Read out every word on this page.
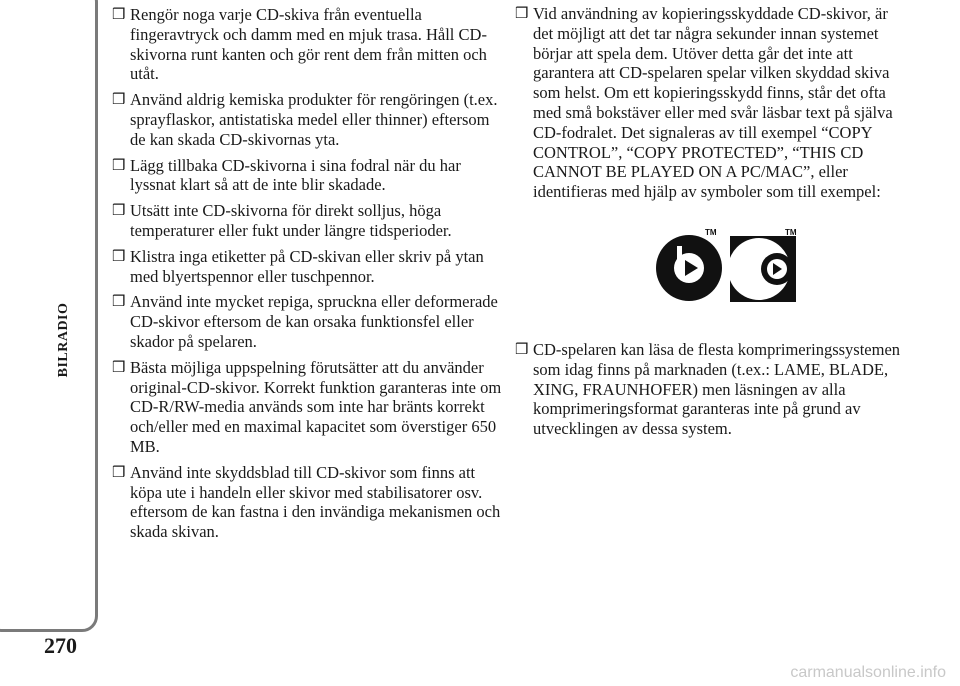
BILRADIO
270
❒ Rengör noga varje CD-skiva från eventuella fingeravtryck och damm med en mjuk trasa. Håll CD-skivorna runt kanten och gör rent dem från mitten och utåt.
❒ Använd aldrig kemiska produkter för rengöringen (t.ex. sprayflaskor, antistatiska medel eller thinner) eftersom de kan skada CD-skivornas yta.
❒ Lägg tillbaka CD-skivorna i sina fodral när du har lyssnat klart så att de inte blir skadade.
❒ Utsätt inte CD-skivorna för direkt solljus, höga temperaturer eller fukt under längre tidsperioder.
❒ Klistra inga etiketter på CD-skivan eller skriv på ytan med blyertspennor eller tuschpennor.
❒ Använd inte mycket repiga, spruckna eller deformerade CD-skivor eftersom de kan orsaka funktionsfel eller skador på spelaren.
❒ Bästa möjliga uppspelning förutsätter att du använder original-CD-skivor. Korrekt funktion garanteras inte om CD-R/RW-media används som inte har bränts korrekt och/eller med en maximal kapacitet som överstiger 650 MB.
❒ Använd inte skyddsblad till CD-skivor som finns att köpa ute i handeln eller skivor med stabilisatorer osv. eftersom de kan fastna i den invändiga mekanismen och skada skivan.
❒ Vid användning av kopieringsskyddade CD-skivor, är det möjligt att det tar några sekunder innan systemet börjar att spela dem. Utöver detta går det inte att garantera att CD-spelaren spelar vilken skyddad skiva som helst. Om ett kopieringsskydd finns, står det ofta med små bokstäver eller med svår läsbar text på själva CD-fodralet. Det signaleras av till exempel “COPY CONTROL”, “COPY PROTECTED”, “THIS CD CANNOT BE PLAYED ON A PC/MAC”, eller identifieras med hjälp av symboler som till exempel:
TM	TM
❒ CD-spelaren kan läsa de flesta komprimeringssystemen som idag finns på marknaden (t.ex.: LAME, BLADE, XING, FRAUNHOFER) men läsningen av alla komprimeringsformat garanteras inte på grund av utvecklingen av dessa system.
carmanualsonline.info
